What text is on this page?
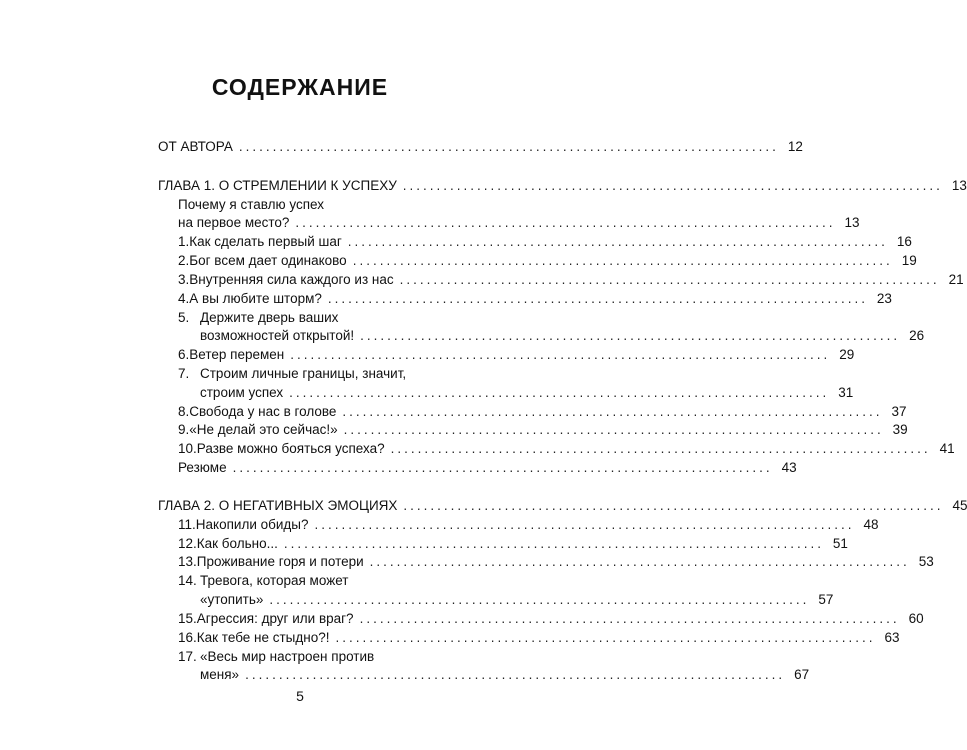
СОДЕРЖАНИЕ
ОТ АВТОРА ................................................................................ 12
ГЛАВА 1. О СТРЕМЛЕНИИ К УСПЕХУ ................................................................................ 13
Почему я ставлю успех
на первое место? ................................................................................ 13
1. Как сделать первый шаг ................................................................................ 16
2. Бог всем дает одинаково ................................................................................ 19
3. Внутренняя сила каждого из нас ................................................................................ 21
4. А вы любите шторм? ................................................................................ 23
5. Держите дверь ваших
возможностей открытой! ................................................................................ 26
6. Ветер перемен ................................................................................ 29
7. Строим личные границы, значит,
строим успех ................................................................................ 31
8. Свобода у нас в голове ................................................................................ 37
9. «Не делай это сейчас!» ................................................................................ 39
10. Разве можно бояться успеха? ................................................................................ 41
Резюме ................................................................................ 43
ГЛАВА 2. О НЕГАТИВНЫХ ЭМОЦИЯХ ................................................................................ 45
11. Накопили обиды? ................................................................................ 48
12. Как больно... ................................................................................ 51
13. Проживание горя и потери ................................................................................ 53
14. Тревога, которая может
«утопить» ................................................................................ 57
15. Агрессия: друг или враг? ................................................................................ 60
16. Как тебе не стыдно?! ................................................................................ 63
17. «Весь мир настроен против
меня» ................................................................................ 67
5
